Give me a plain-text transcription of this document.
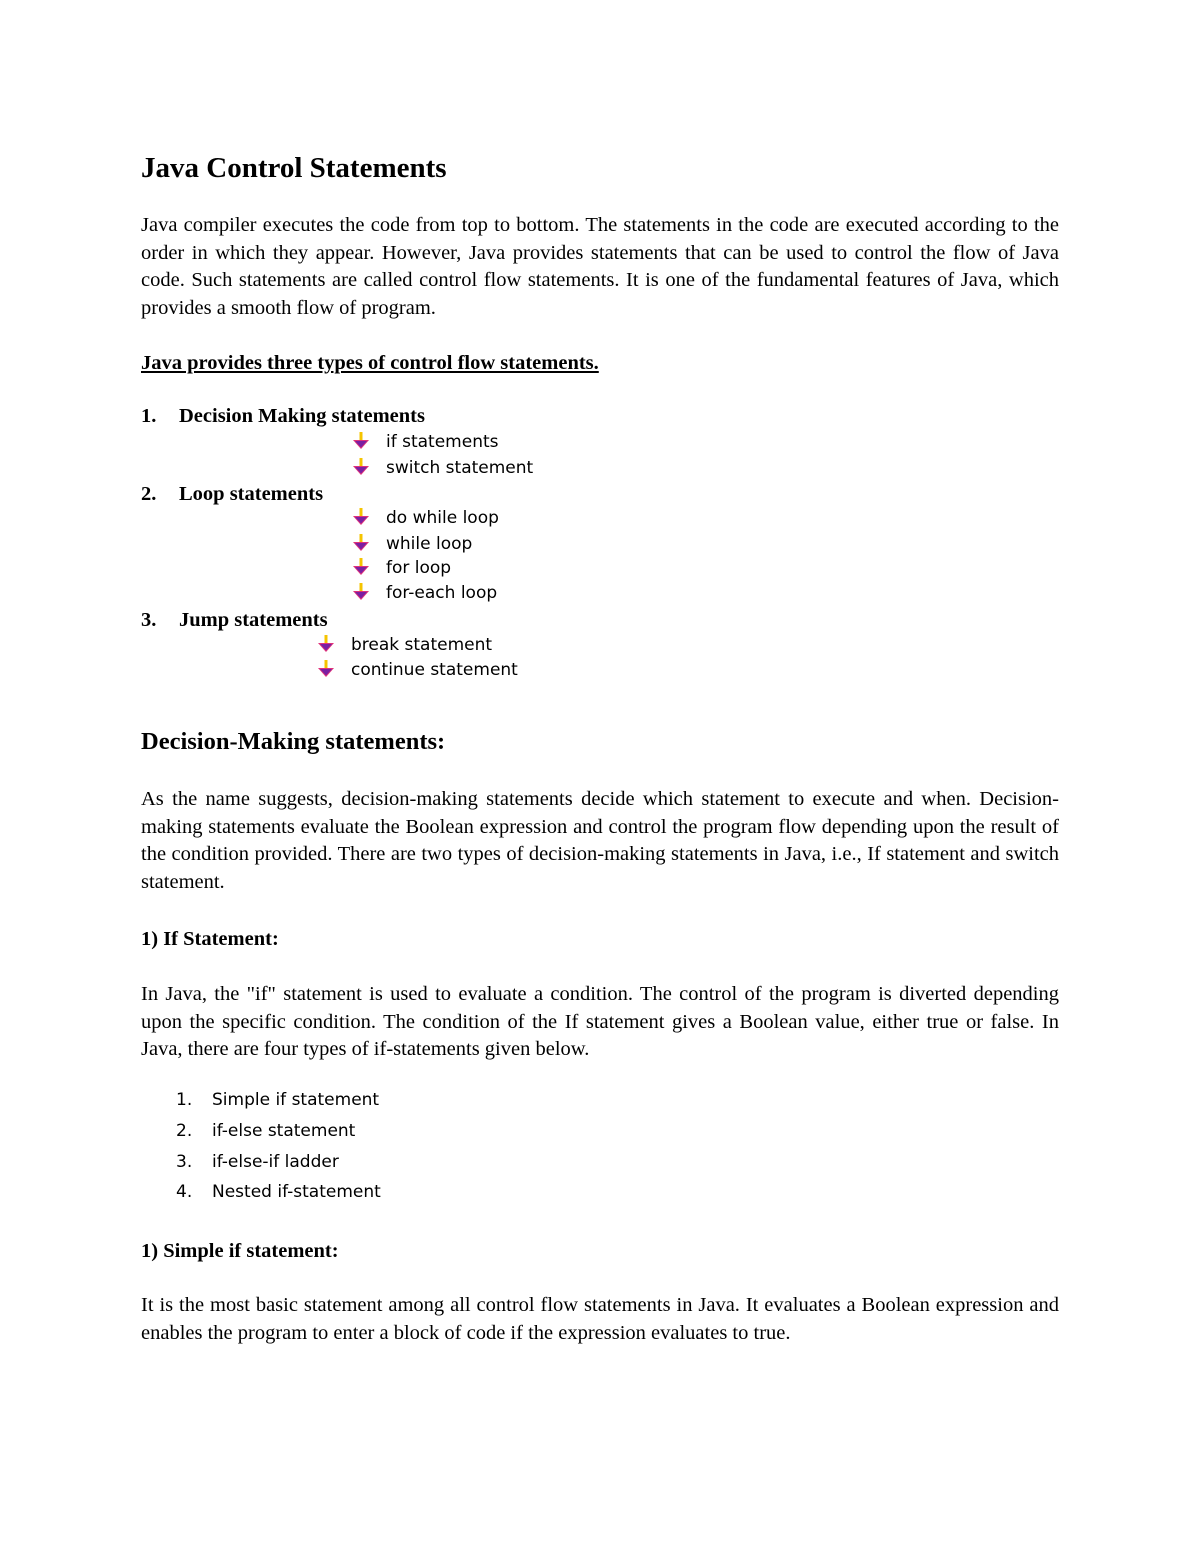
Java Control Statements

Java compiler executes the code from top to bottom. The statements in the code are executed according to the order in which they appear. However, Java provides statements that can be used to control the flow of Java code. Such statements are called control flow statements. It is one of the fundamental features of Java, which provides a smooth flow of program.

Java provides three types of control flow statements.

1. Decision Making statements
if statements
switch statement
2. Loop statements
do while loop
while loop
for loop
for-each loop
3. Jump statements
break statement
continue statement
Decision-Making statements:

As the name suggests, decision-making statements decide which statement to execute and when. Decision-making statements evaluate the Boolean expression and control the program flow depending upon the result of the condition provided. There are two types of decision-making statements in Java, i.e., If statement and switch statement.

1) If Statement:

In Java, the "if" statement is used to evaluate a condition. The control of the program is diverted depending upon the specific condition. The condition of the If statement gives a Boolean value, either true or false. In Java, there are four types of if-statements given below.

1. Simple if statement
2. if-else statement
3. if-else-if ladder
4. Nested if-statement

1) Simple if statement:

It is the most basic statement among all control flow statements in Java. It evaluates a Boolean expression and enables the program to enter a block of code if the expression evaluates to true.
